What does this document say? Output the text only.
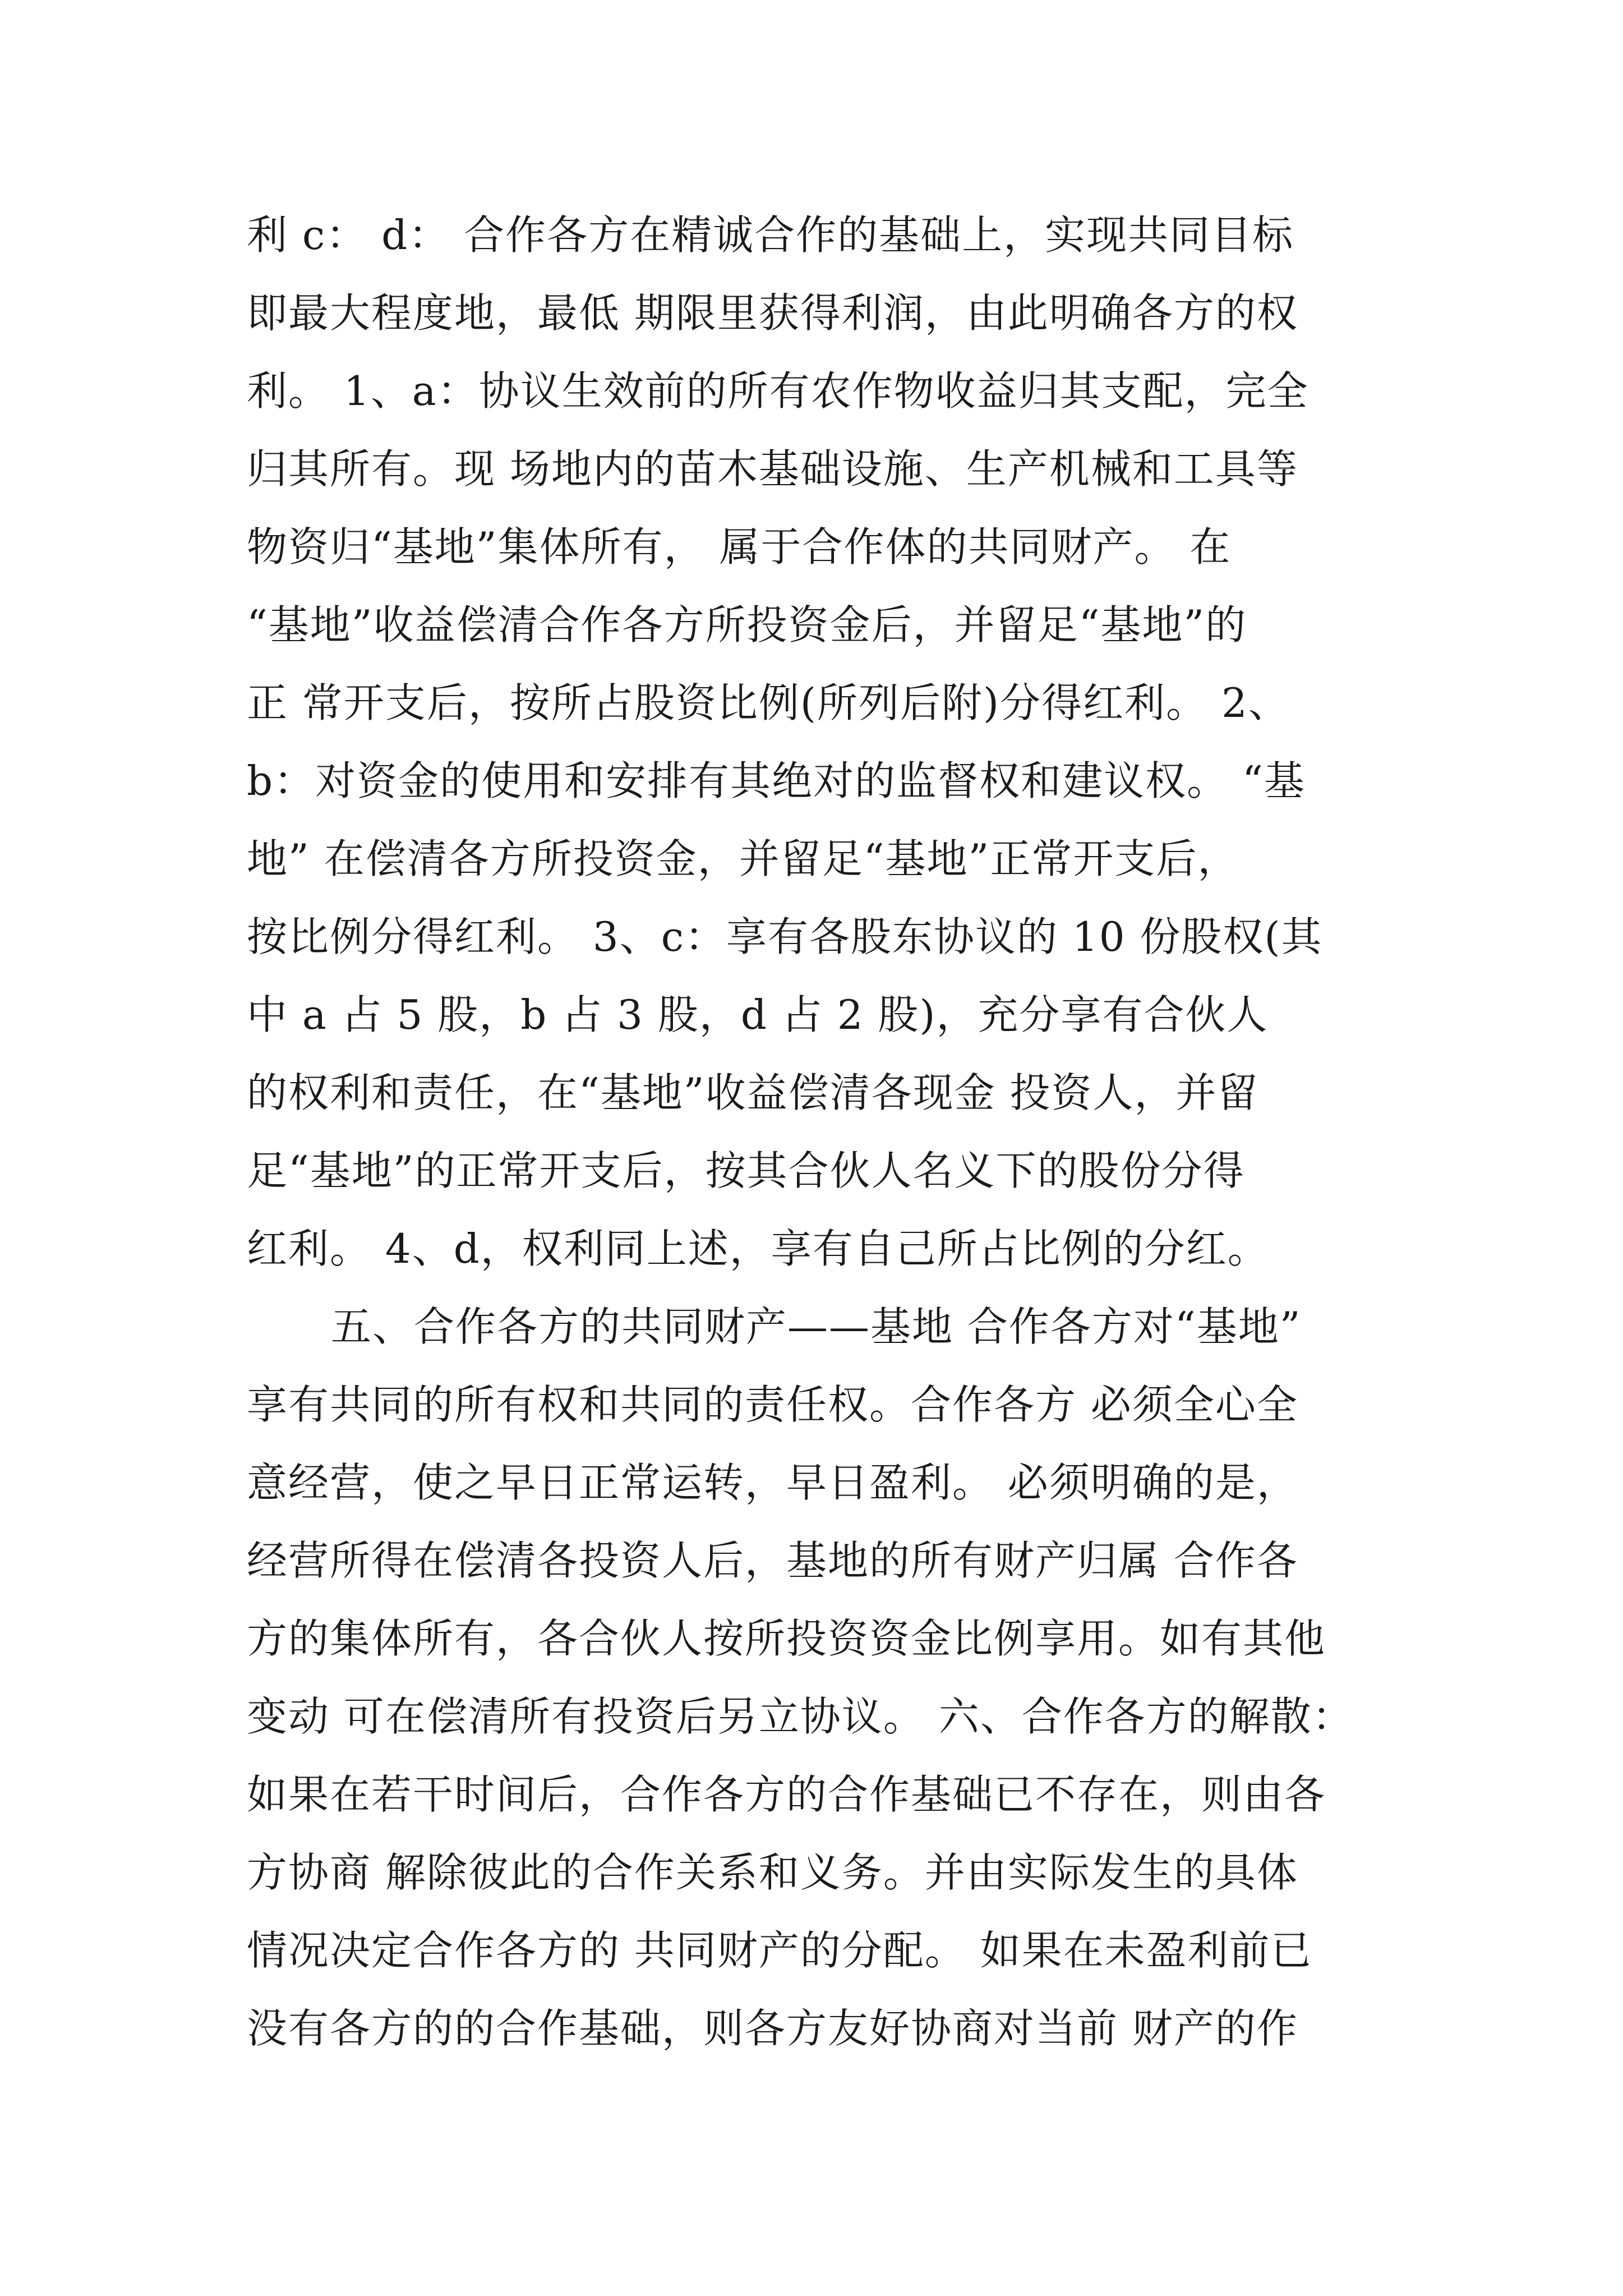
利 c： d： 合作各方在精诚合作的基础上，实现共同目标
即最大程度地，最低 期限里获得利润，由此明确各方的权
利。 1、a：协议生效前的所有农作物收益归其支配，完全
归其所有。现 场地内的苗木基础设施、生产机械和工具等
物资归“基地”集体所有， 属于合作体的共同财产。 在
“基地”收益偿清合作各方所投资金后，并留足“基地”的
正 常开支后，按所占股资比例(所列后附)分得红利。 2、
b：对资金的使用和安排有其绝对的监督权和建议权。 “基
地” 在偿清各方所投资金，并留足“基地”正常开支后，
按比例分得红利。 3、c：享有各股东协议的 10 份股权(其
中 a 占 5 股，b 占 3 股，d 占 2 股)，充分享有合伙人
的权利和责任，在“基地”收益偿清各现金 投资人，并留
足“基地”的正常开支后，按其合伙人名义下的股份分得
红利。 4、d，权利同上述，享有自己所占比例的分红。
五、合作各方的共同财产——基地 合作各方对“基地”
享有共同的所有权和共同的责任权。合作各方 必须全心全
意经营，使之早日正常运转，早日盈利。 必须明确的是，
经营所得在偿清各投资人后，基地的所有财产归属 合作各
方的集体所有，各合伙人按所投资资金比例享用。如有其他
变动 可在偿清所有投资后另立协议。 六、合作各方的解散：
如果在若干时间后，合作各方的合作基础已不存在，则由各
方协商 解除彼此的合作关系和义务。并由实际发生的具体
情况决定合作各方的 共同财产的分配。 如果在未盈利前已
没有各方的的合作基础，则各方友好协商对当前 财产的作
